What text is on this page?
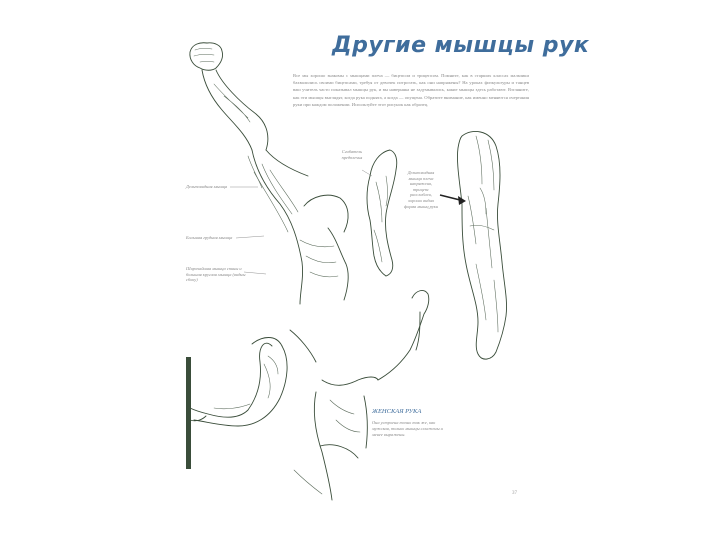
Другие мышцы рук
Все мы хорошо знакомы с мышцами плеча — бицепсом и трицепсом. Помните, как в старших классах мальчики бахвалились своими бицепсами, требуя от девочек потрогать, как они напряжены? На уроках физкультуры и танцев ваш учитель часто показывал мышцы рук, и вы наверняка не задумывались, какие мышцы здесь работают. Взгляните, как эти мышцы выглядят, когда рука поднята, а когда — опущена. Обратите внимание, как именно меняются очертания руки при каждом положении. Используйте этот рисунок как образец.
Дельтовидная мышца
Большая грудная мышца
Широчайшая мышца спины и большая круглая мышца (видны сбоку)
Сгибатель предплечья
Дельтовидная мышца плеча напряжена, трицепс расслаблен, хорошо видна форма мышц руки
ЖЕНСКАЯ РУКА
Она устроена точно так же, как мужская, только мышцы сглажены и менее выражены.
37
